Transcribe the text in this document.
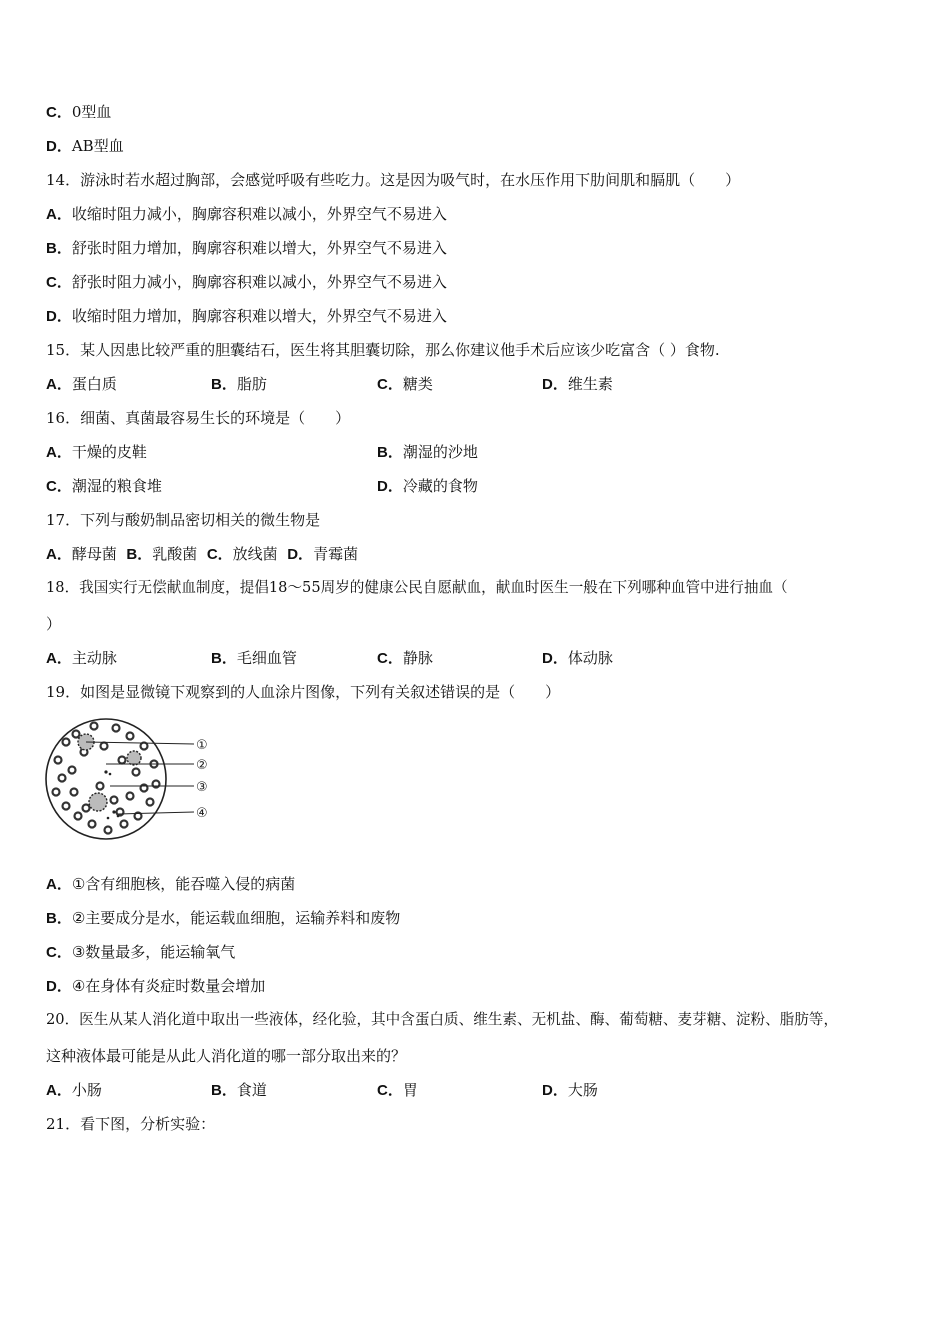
C．0型血
D．AB型血
14．游泳时若水超过胸部，会感觉呼吸有些吃力。这是因为吸气时，在水压作用下肋间肌和膈肌（　　）
A．收缩时阻力减小，胸廓容积难以减小，外界空气不易进入
B．舒张时阻力增加，胸廓容积难以增大，外界空气不易进入
C．舒张时阻力减小，胸廓容积难以减小，外界空气不易进入
D．收缩时阻力增加，胸廓容积难以增大，外界空气不易进入
15．某人因患比较严重的胆囊结石，医生将其胆囊切除，那么你建议他手术后应该少吃富含（ ）食物.
A．蛋白质	B．脂肪	C．糖类	D．维生素
16．细菌、真菌最容易生长的环境是（　　）
A．干燥的皮鞋	B．潮湿的沙地
C．潮湿的粮食堆	D．冷藏的食物
17．下列与酸奶制品密切相关的微生物是
A．酵母菌 B．乳酸菌 C．放线菌 D．青霉菌
18．我国实行无偿献血制度，提倡18～55周岁的健康公民自愿献血，献血时医生一般在下列哪种血管中进行抽血（
）
A．主动脉	B．毛细血管	C．静脉	D．体动脉
19．如图是显微镜下观察到的人血涂片图像，下列有关叙述错误的是（　　）
①
②
③
④
A．①含有细胞核，能吞噬入侵的病菌
B．②主要成分是水，能运载血细胞，运输养料和废物
C．③数量最多，能运输氧气
D．④在身体有炎症时数量会增加
20．医生从某人消化道中取出一些液体，经化验，其中含蛋白质、维生素、无机盐、酶、葡萄糖、麦芽糖、淀粉、脂肪等，
这种液体最可能是从此人消化道的哪一部分取出来的？
A．小肠	B．食道	C．胃	D．大肠
21．看下图，分析实验：
